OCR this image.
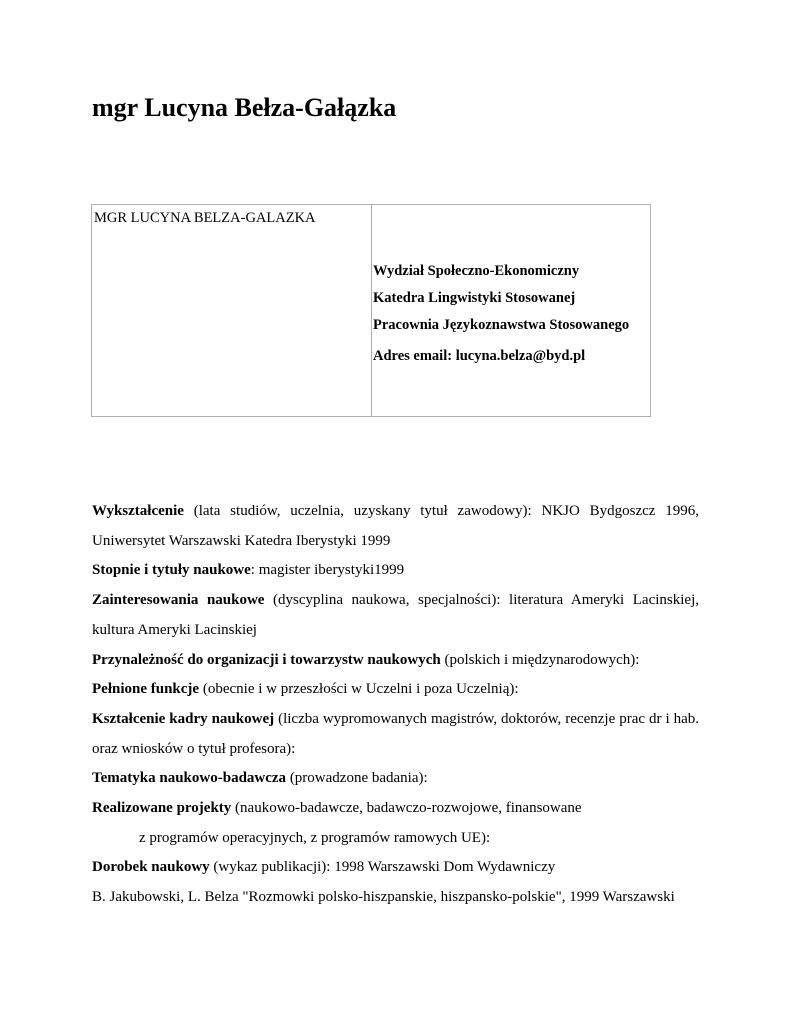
mgr Lucyna Bełza-Gałązka
MGR LUCYNA BELZA-GALAZKA

Wydział Społeczno-Ekonomiczny
Katedra Lingwistyki Stosowanej
Pracownia Językoznawstwa Stosowanego
Adres email: lucyna.belza@byd.pl

Wykształcenie (lata studiów, uczelnia, uzyskany tytuł zawodowy): NKJO Bydgoszcz 1996, Uniwersytet Warszawski Katedra Iberystyki 1999

Stopnie i tytuły naukowe: magister iberystyki1999

Zainteresowania naukowe (dyscyplina naukowa, specjalności): literatura Ameryki Lacinskiej, kultura Ameryki Lacinskiej

Przynależność do organizacji i towarzystw naukowych (polskich i międzynarodowych):

Pełnione funkcje (obecnie i w przeszłości w Uczelni i poza Uczelnią):

Kształcenie kadry naukowej (liczba wypromowanych magistrów, doktorów, recenzje prac dr i hab. oraz wniosków o tytuł profesora):

Tematyka naukowo-badawcza (prowadzone badania):

Realizowane projekty (naukowo-badawcze, badawczo-rozwojowe, finansowane
z programów operacyjnych, z programów ramowych UE):

Dorobek naukowy (wykaz publikacji): 1998 Warszawski Dom Wydawniczy

B. Jakubowski, L. Belza "Rozmowki polsko-hiszpanskie, hiszpansko-polskie", 1999 Warszawski
